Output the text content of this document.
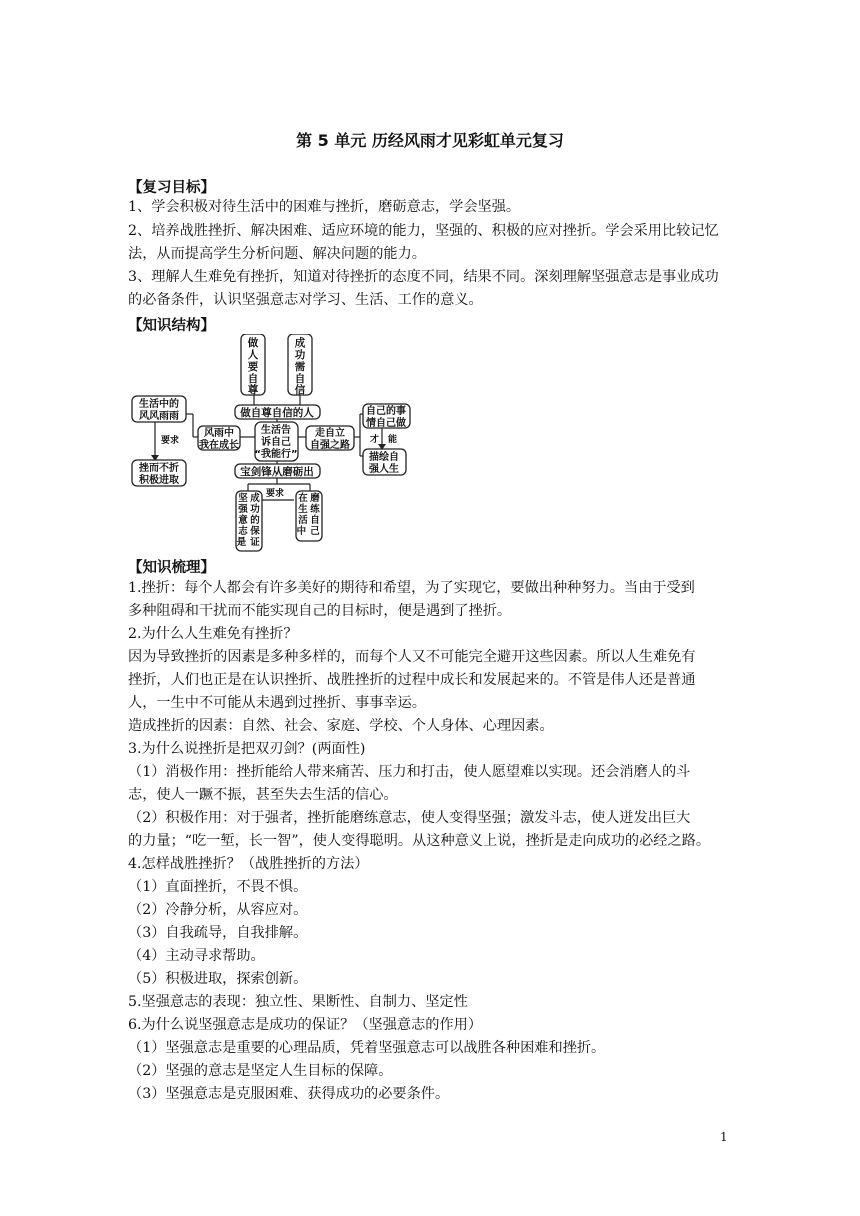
第 5 单元 历经风雨才见彩虹单元复习
【复习目标】
1、学会积极对待生活中的困难与挫折，磨砺意志，学会坚强。
2、培养战胜挫折、解决困难、适应环境的能力，坚强的、积极的应对挫折。学会采用比较记忆法，从而提高学生分析问题、解决问题的能力。
3、理解人生难免有挫折，知道对待挫折的态度不同，结果不同。深刻理解坚强意志是事业成功的必备条件，认识坚强意志对学习、生活、工作的意义。
【知识结构】
做人要自尊
成功需自信
做自尊自信的人
生活告诉自己“我能行”
风雨中我在成长
走自立自强之路
生活中的风风雨雨
要求
挫而不折积极进取
自己的事情自己做
才 能
描绘自强人生
宝剑锋从磨砺出
要求
坚强意志是 成功的保证
在生活中 磨练自己
【知识梳理】
1.挫折：每个人都会有许多美好的期待和希望，为了实现它，要做出种种努力。当由于受到
多种阻碍和干扰而不能实现自己的目标时，便是遇到了挫折。
2.为什么人生难免有挫折？
因为导致挫折的因素是多种多样的，而每个人又不可能完全避开这些因素。所以人生难免有
挫折，人们也正是在认识挫折、战胜挫折的过程中成长和发展起来的。不管是伟人还是普通
人，一生中不可能从未遇到过挫折、事事幸运。
造成挫折的因素：自然、社会、家庭、学校、个人身体、心理因素。
3.为什么说挫折是把双刃剑？(两面性)
（1）消极作用：挫折能给人带来痛苦、压力和打击，使人愿望难以实现。还会消磨人的斗
志，使人一蹶不振，甚至失去生活的信心。
（2）积极作用：对于强者，挫折能磨练意志，使人变得坚强；激发斗志，使人迸发出巨大
的力量；“吃一堑，长一智”，使人变得聪明。从这种意义上说，挫折是走向成功的必经之路。
4.怎样战胜挫折？（战胜挫折的方法）
（1）直面挫折，不畏不惧。
（2）冷静分析，从容应对。
（3）自我疏导，自我排解。
（4）主动寻求帮助。
（5）积极进取，探索创新。
5.坚强意志的表现：独立性、果断性、自制力、坚定性
6.为什么说坚强意志是成功的保证？（坚强意志的作用）
（1）坚强意志是重要的心理品质，凭着坚强意志可以战胜各种困难和挫折。
（2）坚强的意志是坚定人生目标的保障。
（3）坚强意志是克服困难、获得成功的必要条件。
1
